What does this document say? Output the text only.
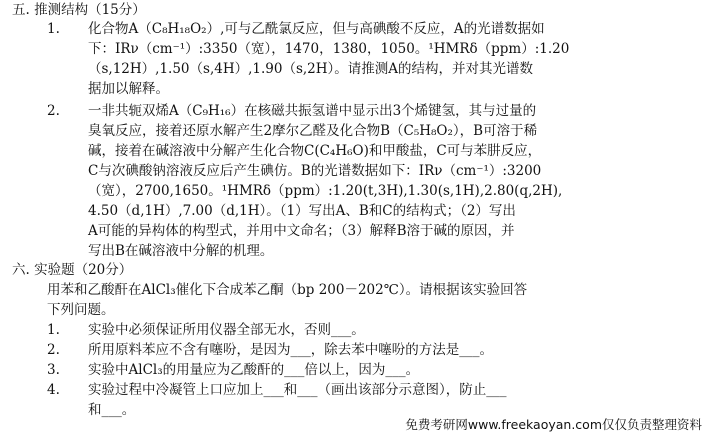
五. 推测结构（15分）
1. 化合物A（C₈H₁₈O₂）,可与乙酰氯反应，但与高碘酸不反应，A的光谱数据如
下：IRν（cm⁻¹）:3350（宽），1470，1380，1050。¹HMRδ（ppm）:1.20
（s,12H）,1.50（s,4H）,1.90（s,2H）。请推测A的结构，并对其光谱数
据加以解释。
2. 一非共轭双烯A（C₉H₁₆）在核磁共振氢谱中显示出3个烯键氢，其与过量的
臭氧反应，接着还原水解产生2摩尔乙醛及化合物B（C₅H₈O₂），B可溶于稀
碱，接着在碱溶液中分解产生化合物C(C₄H₆O)和甲酸盐，C可与苯肼反应，
C与次碘酸钠溶液反应后产生碘仿。B的光谱数据如下：IRν（cm⁻¹）:3200
（宽），2700,1650。¹HMRδ（ppm）:1.20(t,3H),1.30(s,1H),2.80(q,2H),
4.50（d,1H）,7.00（d,1H）。（1）写出A、B和C的结构式；（2）写出
A可能的异构体的构型式，并用中文命名；（3）解释B溶于碱的原因，并
写出B在碱溶液中分解的机理。
六. 实验题（20分）
用苯和乙酸酐在AlCl₃催化下合成苯乙酮（bp 200－202℃）。请根据该实验回答
下列问题。
1. 实验中必须保证所用仪器全部无水，否则___。
2. 所用原料苯应不含有噻吩，是因为___，除去苯中噻吩的方法是___。
3. 实验中AlCl₃的用量应为乙酸酐的___倍以上，因为___。
4. 实验过程中冷凝管上口应加上___和___（画出该部分示意图），防止___
和___。
免费考研网www.freekaoyan.com仅仅负责整理资料
